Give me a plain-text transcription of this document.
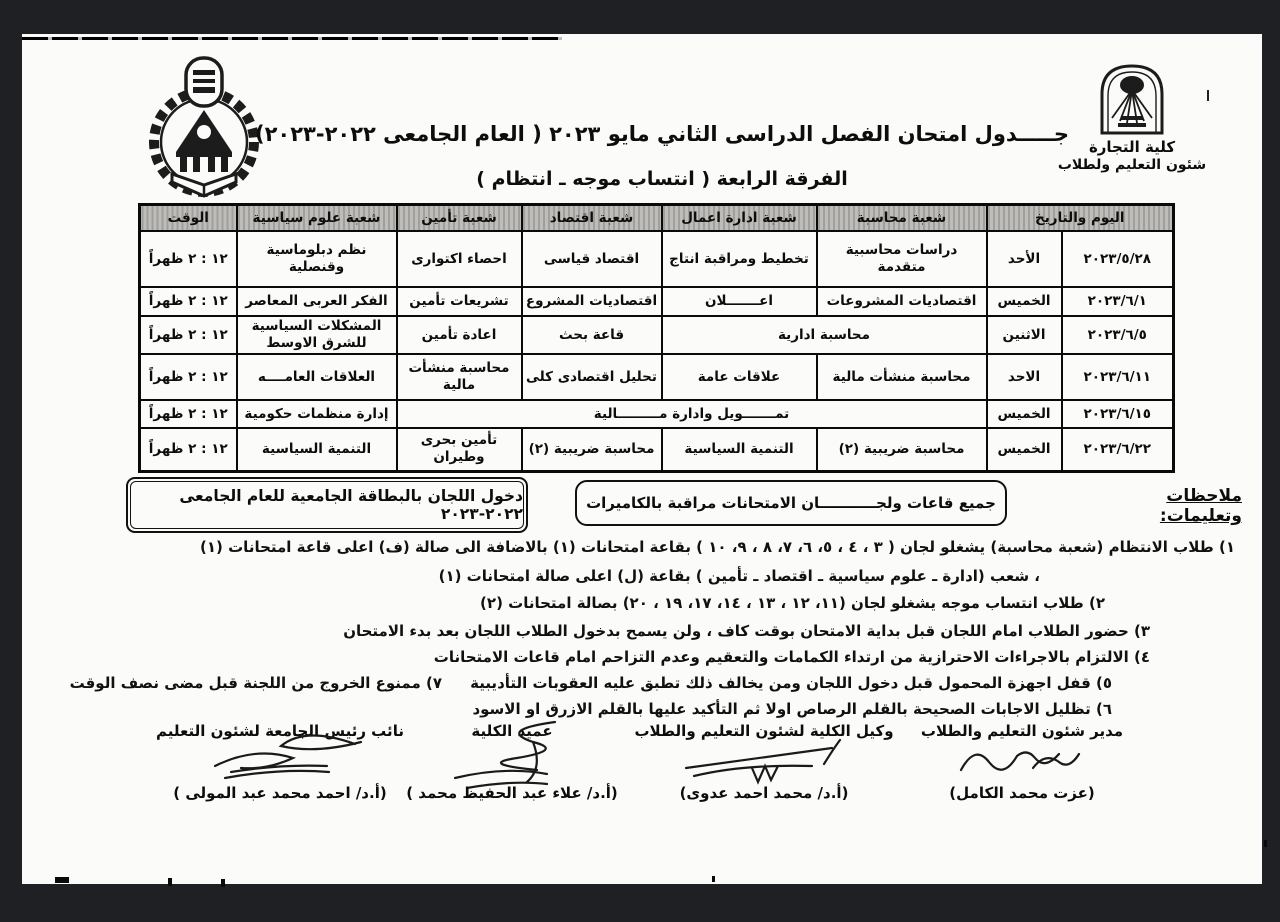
كلية التجارة
شئون التعليم ولطلاب
جـــــدول امتحان الفصل الدراسى الثاني مايو ٢٠٢٣ ( العام الجامعى ٢٠٢٢-٢٠٢٣)
الفرقة الرابعة ( انتساب موجه ـ انتظام )
اليوم والتاريخ		شعبة محاسبة	شعبة ادارة اعمال	شعبة اقتصاد	شعبة تأمين	شعبة علوم سياسية	الوقت
٢٠٢٣/٥/٢٨	الأحد	دراسات محاسبية متقدمة	تخطيط ومراقبة انتاج	اقتصاد قياسى	احصاء اكتوارى	نظم دبلوماسية وقنصلية	١٢ : ٢ ظهراً
٢٠٢٣/٦/١	الخميس	اقتصاديات المشروعات	اعـــــــلان	اقتصاديات المشروع	تشريعات تأمين	الفكر العربى المعاصر	١٢ : ٢ ظهراً
٢٠٢٣/٦/٥	الاثنين	محاسبة ادارية		قاعة بحث	اعادة تأمين	المشكلات السياسية للشرق الاوسط	١٢ : ٢ ظهراً
٢٠٢٣/٦/١١	الاحد	محاسبة منشأت مالية	علاقات عامة	تحليل اقتصادى كلى	محاسبة منشأت مالية	العلاقات العامــــه	١٢ : ٢ ظهراً
٢٠٢٣/٦/١٥	الخميس	تمـــــــويل وادارة مـــــــــالية				إدارة منظمات حكومية	١٢ : ٢ ظهراً
٢٠٢٣/٦/٢٢	الخميس	محاسبة ضريبية (٢)	التنمية السياسية	محاسبة ضريبية (٢)	تأمين بحرى وطيران	التنمية السياسية	١٢ : ٢ ظهراً
ملاحظات وتعليمات:
جميع قاعات ولجـــــــــــان الامتحانات مراقبة بالكاميرات
دخول اللجان بالبطاقة الجامعية للعام الجامعى ٢٠٢٢-٢٠٢٣
١) طلاب الانتظام (شعبة محاسبة) يشغلو لجان ( ٣ ، ٤ ، ٥، ٦، ٧، ٨ ، ٩، ١٠ ) بقاعة امتحانات (١) بالاضافة الى صالة (ف) اعلى قاعة امتحانات (١)
، شعب (ادارة ـ علوم سياسية ـ اقتصاد ـ تأمين ) بقاعة (ل) اعلى صالة امتحانات (١)
٢) طلاب انتساب موجه يشغلو لجان (١١، ١٢ ، ١٣ ، ١٤، ١٧، ١٩ ، ٢٠) بصالة امتحانات (٢)
٣) حضور الطلاب امام اللجان قبل بداية الامتحان بوقت كاف ، ولن يسمح بدخول الطلاب اللجان بعد بدء الامتحان
٤) الالتزام بالاجراءات الاحترازية من ارتداء الكمامات والتعقيم وعدم التزاحم امام قاعات الامتحانات
٥) قفل اجهزة المحمول قبل دخول اللجان ومن يخالف ذلك تطبق عليه العقوبات التأديبية
٧) ممنوع الخروج من اللجنة قبل مضى نصف الوقت
٦) تظليل الاجابات الصحيحة بالقلم الرصاص اولا ثم التأكيد عليها بالقلم الازرق او الاسود
مدير شئون التعليم والطلاب
(عزت محمد الكامل)
وكيل الكلية لشئون التعليم والطلاب
(أ.د/ محمد احمد عدوى)
عميد الكلية
(أ.د/ علاء عبد الحفيظ محمد )
نائب رئيس الجامعة لشئون التعليم
(أ.د/ احمد محمد عبد المولى )
